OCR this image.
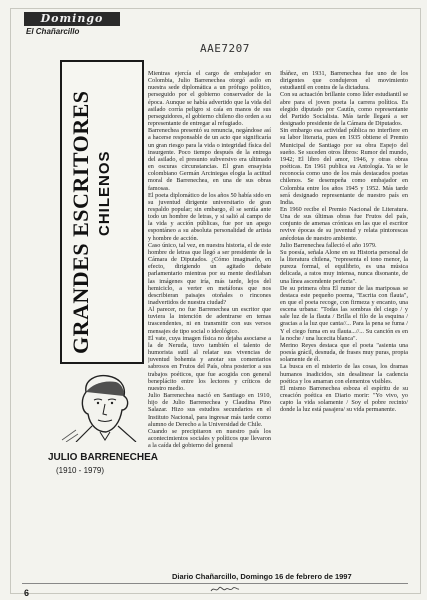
Domingo
El Chañarcillo
AAE7207
GRANDES ESCRITORES CHILENOS
JULIO BARRENECHEA
(1910 - 1979)

Mientras ejercía el cargo de embajador en Colombia, Julio Barrenechea otorgó asilo en nuestra sede diplomática a un prófugo político, perseguido por el gobierno conservador de la época. Aunque se había advertido que la vida del asilado corría peligro si caía en manos de sus perseguidores, el gobierno chileno dio orden a su representante de entregar al refugiado.

Barrenechea presentó su renuncia, negándose así a hacerse responsable de un acto que significaría un gran riesgo para la vida o integridad física del insurgente. Poco tiempo después de la entrega del asilado, el presunto subversivo era ultimado en oscuras circunstancias. El gran ensayista colombiano Germán Arciniegas elogia la actitud moral de Barrenechea, en una de sus obras famosas.

El poeta diplomático de los años 50 había sido en su juventud dirigente universitario de gran respaldo popular; sin embargo, él se sentía ante todo un hombre de letras, y si salió al campo de la vida y acción públicas, fue por un apego espontáneo a su absoluta personalidad de artista y hombre de acción.

Caso único, tal vez, en nuestra historia, el de este hombre de letras que llegó a ser presidente de la Cámara de Diputados. ¿Cómo imaginarlo, en efecto, dirigiendo un agitado debate parlamentario mientras por su mente desfilaban las imágenes que iría, más tarde, lejos del hemiciclo, a verter en metáforas que nos describieran paisajes otoñales o rincones inadvertidos de nuestra ciudad?

Al parecer, no fue Barrenechea un escritor que tuviera la intención de adentrarse en temas trascendentes, ni en transmitir con sus versos mensajes de tipo social o ideológico.

El vate, cuya imagen física no dejaba asociarse a la de Neruda, tuvo también el talento de humorista sutil al relatar sus vivencias de juventud bohemia y anotar sus comentarios sabrosos en Frutos del País, obra posterior a sus trabajos poéticos, que fue acogida con general beneplácito entre los lectores y críticos de nuestro medio.

Julio Barrenechea nació en Santiago en 1910, hijo de Julio Barrenechea y Claudina Pino Salazar. Hizo sus estudios secundarios en el Instituto Nacional, para ingresar más tarde como alumno de Derecho a la Universidad de Chile.

Cuando se precipitaron en nuestro país los acontecimientos sociales y políticos que llevaron a la caída del gobierno del general

Ibáñez, en 1931, Barrenechea fue uno de los dirigentes que condujeron el movimiento estudiantil en contra de la dictadura.

Con su actuación brillante como líder estudiantil se abre para el joven poeta la carrera política. Es elegido diputado por Cautín, como representante del Partido Socialista. Más tarde llegará a ser designado presidente de la Cámara de Diputados.

Sin embargo esa actividad pública no interfiere en su labor literaria, pues en 1935 obtiene el Premio Municipal de Santiago por su obra Espejo del sueño. Se suceden otros libros: Rumor del mundo, 1942; El libro del amor, 1946, y otras obras poéticas. En 1961 publica su Antología. Ya se le reconocía como uno de los más destacados poetas chilenos. Se desempeña como embajador en Colombia entre los años 1945 y 1952. Más tarde será designado representante de nuestro país en India.

En 1960 recibe el Premio Nacional de Literatura. Una de sus últimas obras fue Frutos del país, conjunto de amenas crónicas en las que el escritor revive épocas de su juventud y relata pintorescas anécdotas de nuestro ambiente.

Julio Barrenechea falleció el año 1979.

Su poesía, señala Alone en su Historia personal de la literatura chilena, "representa el tono menor, la pureza formal, el equilibrio, es una música delicada, a ratos muy intensa, nunca disonante, de una línea ascendente perfecta".

De su primera obra El rumor de las mariposas se destaca este pequeño poema, "Escrita con flauta", en que el poeta recoge, con firmeza y encanto, una escena urbana: "Todas las sombras del ciego / y sale luz de la flauta / Brilla el filo de la esquina / gracias a la luz que canta//... Para la pena se fuma / Y el ciego fuma en su flauta...//... Su canción es en la noche / una lucecita blanca".

Merino Reyes destaca que el poeta "asienta una poesía grácil, desnuda, de frases muy puras, propia solamente de él.

La busca en el misterio de las cosas, los dramas humanos inadicidos, sin desalinear la cadencia poética y los amarran con elementos visibles.

El mismo Barrenechea esboza el espíritu de su creación poética en Diario morir: "Yo vivo, yo capto la vida solamente / Soy el pobre recinto/ donde la luz está pasajera/ su vida permanente.

Diario Chañarcillo, Domingo 16 de febrero de 1997
6
